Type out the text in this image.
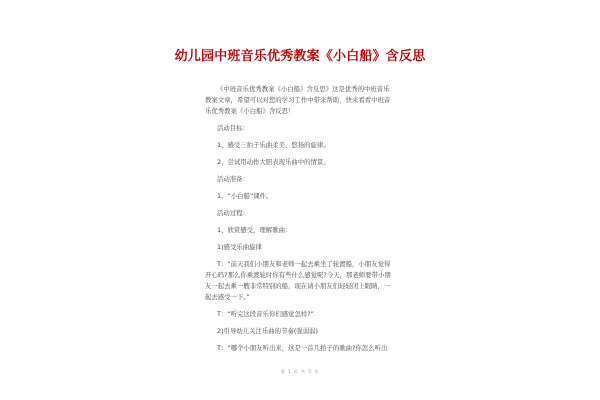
幼儿园中班音乐优秀教案《小白船》含反思

《中班音乐优秀教案《小白船》含反思》这是优秀的中班音乐

教案文章，希望可以对您的学习工作中带来帮助，快来看看中班音

乐优秀教案《小白船》含反思！

活动目标：

1、感受三拍子乐曲柔美、悠扬的旋律。

2、尝试用动作大胆表现乐曲中的情景。

活动准备：

1、“小白船”课件。

活动过程：

1、欣赏感受，理解歌曲：

1)感受乐曲旋律

T：“前天我们小朋友和老师一起去乘坐了轮渡船，小朋友觉得

开心吗?那么你乘渡轮时你有些什么感觉呢?今天，那老师要带小朋

友一起去乘一艘非常特别的船，现在请小朋友们轻轻闭上眼睛，一

起去感受一下。”

T：“听完这段音乐你们感觉怎样?”

2)引导幼儿关注乐曲的节奏(强弱弱)

T：“哪个小朋友听出来，这是一首几拍子的歌曲?你怎么听出

第 1 页 共 5 页
